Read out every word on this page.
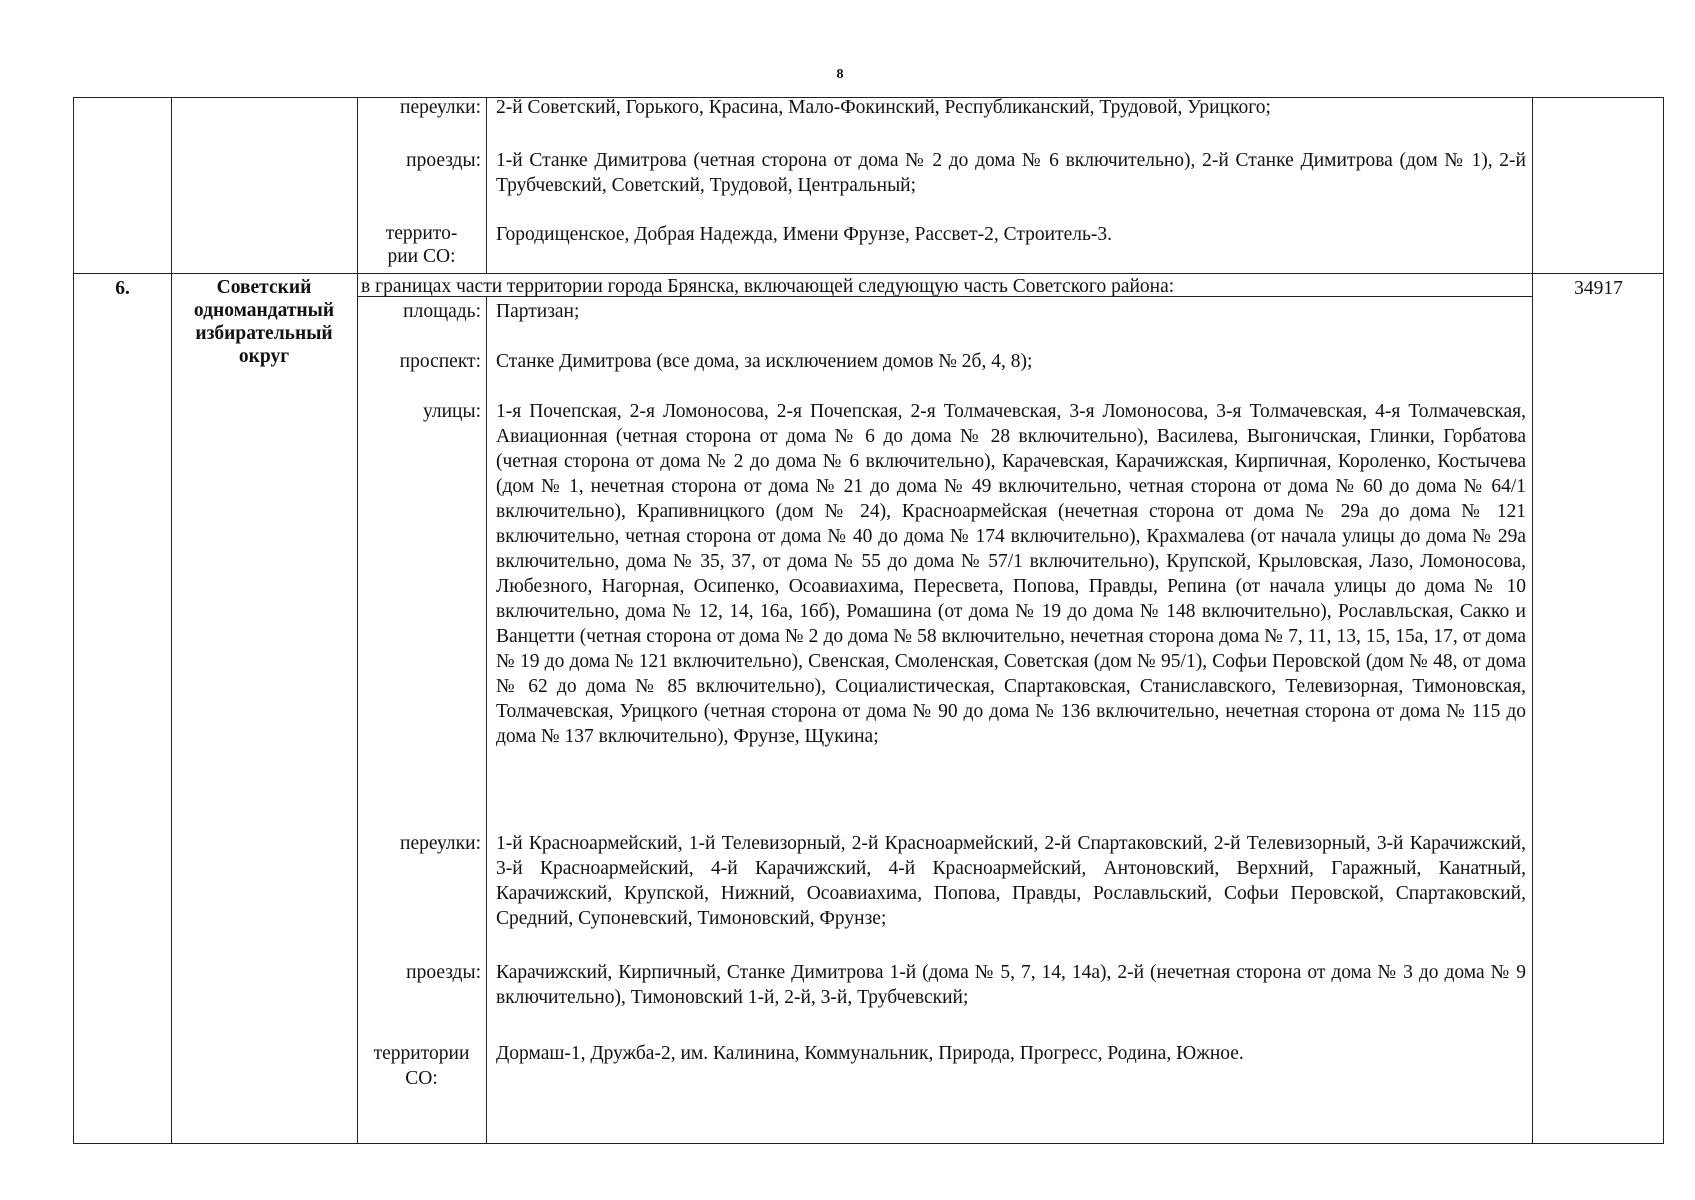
8
переулки: 2-й Советский, Горького, Красина, Мало-Фокинский, Республиканский, Трудовой, Урицкого;
проезды: 1-й Станке Димитрова (четная сторона от дома № 2 до дома № 6 включительно), 2-й Станке Димитрова (дом № 1), 2-й Трубчевский, Советский, Трудовой, Центральный;
террито-
рии СО:
Городищенское, Добрая Надежда, Имени Фрунзе, Рассвет-2, Строитель-3.
6.	Советский
одномандатный
избирательный
округ
в границах части территории города Брянска, включающей следующую часть Советского района:	34917
площадь: Партизан;
проспект: Станке Димитрова (все дома, за исключением домов № 2б, 4, 8);
улицы: 1-я Почепская, 2-я Ломоносова, 2-я Почепская, 2-я Толмачевская, 3-я Ломоносова, 3-я Толмачевская, 4-я Толмачевская, Авиационная (четная сторона от дома № 6 до дома № 28 включительно), Василева, Выгоничская, Глинки, Горбатова (четная сторона от дома № 2 до дома № 6 включительно), Карачевская, Карачижская, Кирпичная, Короленко, Костычева (дом № 1, нечетная сторона от дома № 21 до дома № 49 включительно, четная сторона от дома № 60 до дома № 64/1 включительно), Крапивницкого (дом № 24), Красноармейская (нечетная сторона от дома № 29а до дома № 121 включительно, четная сторона от дома № 40 до дома № 174 включительно), Крахмалева (от начала улицы до дома № 29а включительно, дома № 35, 37, от дома № 55 до дома № 57/1 включительно), Крупской, Крыловская, Лазо, Ломоносова, Любезного, Нагорная, Осипенко, Осоавиахима, Пересвета, Попова, Правды, Репина (от начала улицы до дома № 10 включительно, дома № 12, 14, 16а, 16б), Ромашина (от дома № 19 до дома № 148 включительно), Рославльская, Сакко и Ванцетти (четная сторона от дома № 2 до дома № 58 включительно, нечетная сторона дома № 7, 11, 13, 15, 15а, 17, от дома № 19 до дома № 121 включительно), Свенская, Смоленская, Советская (дом № 95/1), Софьи Перовской (дом № 48, от дома № 62 до дома № 85 включительно), Социалистическая, Спартаковская, Станиславского, Телевизорная, Тимоновская, Толмачевская, Урицкого (четная сторона от дома № 90 до дома № 136 включительно, нечетная сторона от дома № 115 до дома № 137 включительно), Фрунзе, Щукина;
переулки: 1-й Красноармейский, 1-й Телевизорный, 2-й Красноармейский, 2-й Спартаковский, 2-й Телевизорный, 3-й Карачижский, 3-й Красноармейский, 4-й Карачижский, 4-й Красноармейский, Антоновский, Верхний, Гаражный, Канатный, Карачижский, Крупской, Нижний, Осоавиахима, Попова, Правды, Рославльский, Софьи Перовской, Спартаковский, Средний, Супоневский, Тимоновский, Фрунзе;
проезды: Карачижский, Кирпичный, Станке Димитрова 1-й (дома № 5, 7, 14, 14а), 2-й (нечетная сторона от дома № 3 до дома № 9 включительно), Тимоновский 1-й, 2-й, 3-й, Трубчевский;
территории
СО:
Дормаш-1, Дружба-2, им. Калинина, Коммунальник, Природа, Прогресс, Родина, Южное.
